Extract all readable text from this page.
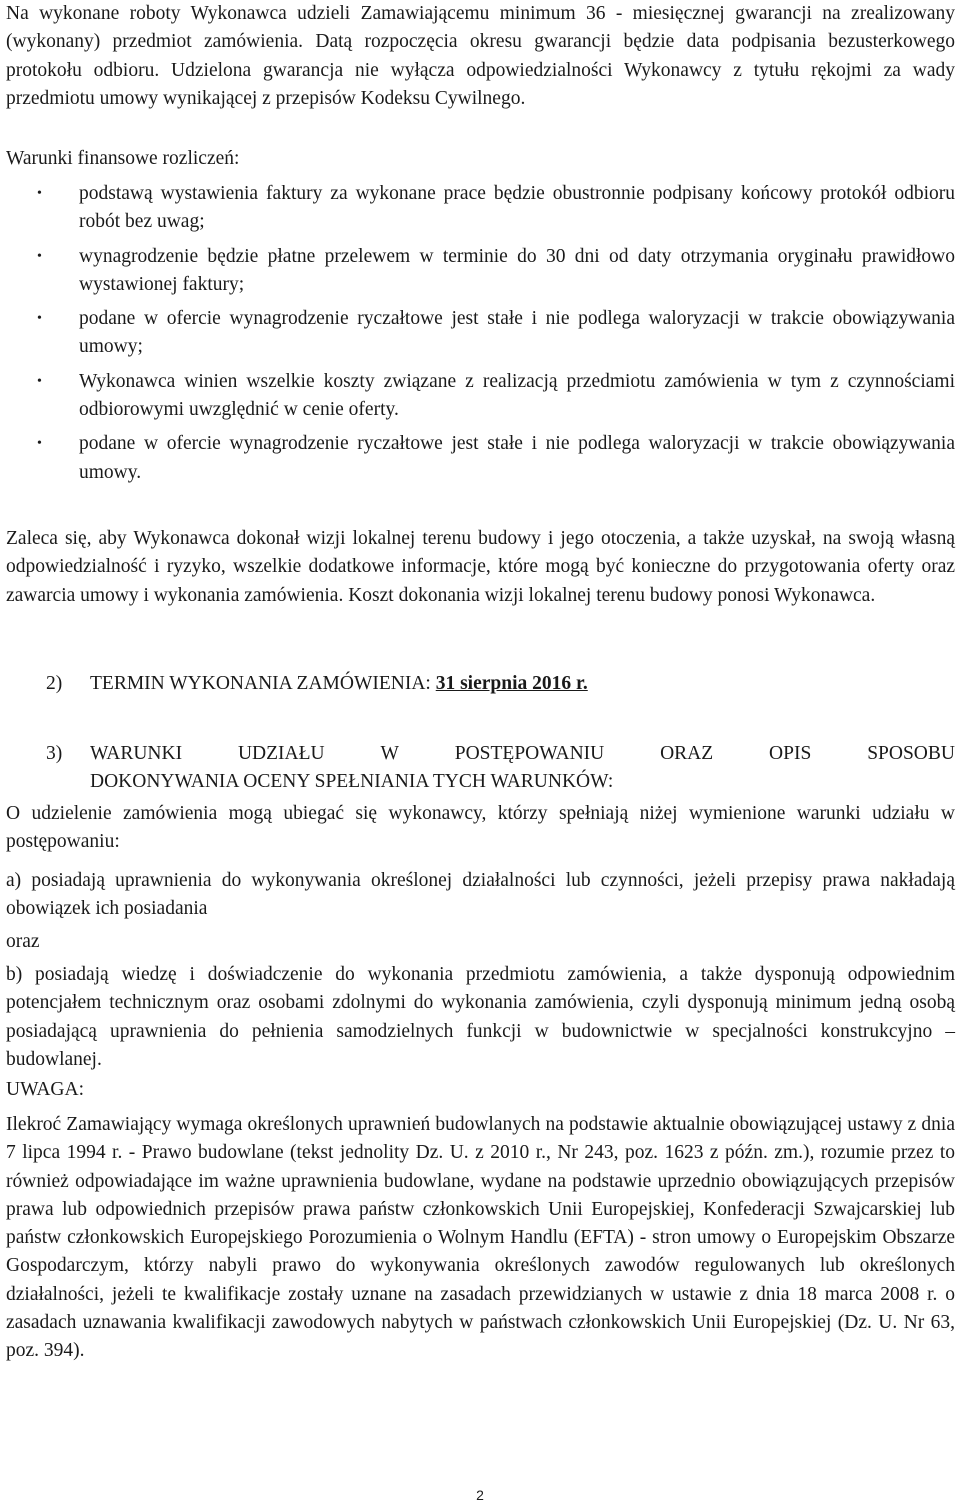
Na wykonane roboty Wykonawca udzieli Zamawiającemu minimum 36 - miesięcznej gwarancji na zrealizowany (wykonany) przedmiot zamówienia. Datą rozpoczęcia okresu gwarancji będzie data podpisania bezusterkowego protokołu odbioru. Udzielona gwarancja nie wyłącza odpowiedzialności Wykonawcy z tytułu rękojmi za wady przedmiotu umowy wynikającej z przepisów Kodeksu Cywilnego.

Warunki finansowe rozliczeń:

• podstawą wystawienia faktury za wykonane prace będzie obustronnie podpisany końcowy protokół odbioru robót bez uwag;
• wynagrodzenie będzie płatne przelewem w terminie do 30 dni od daty otrzymania oryginału prawidłowo wystawionej faktury;
• podane w ofercie wynagrodzenie ryczałtowe jest stałe i nie podlega waloryzacji w trakcie obowiązywania umowy;
• Wykonawca winien wszelkie koszty związane z realizacją przedmiotu zamówienia w tym z czynnościami odbiorowymi uwzględnić w cenie oferty.
• podane w ofercie wynagrodzenie ryczałtowe jest stałe i nie podlega waloryzacji w trakcie obowiązywania umowy.

Zaleca się, aby Wykonawca dokonał wizji lokalnej terenu budowy i jego otoczenia, a także uzyskał, na swoją własną odpowiedzialność i ryzyko, wszelkie dodatkowe informacje, które mogą być konieczne do przygotowania oferty oraz zawarcia umowy i wykonania zamówienia. Koszt dokonania wizji lokalnej terenu budowy ponosi Wykonawca.

2) TERMIN WYKONANIA ZAMÓWIENIA: 31 sierpnia 2016 r.
3) WARUNKI	UDZIAŁU	W	POSTĘPOWANIU	ORAZ	OPIS	SPOSOBU
DOKONYWANIA OCENY SPEŁNIANIA TYCH WARUNKÓW:

O udzielenie zamówienia mogą ubiegać się wykonawcy, którzy spełniają niżej wymienione warunki udziału w postępowaniu:

a) posiadają uprawnienia do wykonywania określonej działalności lub czynności, jeżeli przepisy prawa nakładają obowiązek ich posiadania

oraz

b) posiadają wiedzę i doświadczenie do wykonania przedmiotu zamówienia, a także dysponują odpowiednim potencjałem technicznym oraz osobami zdolnymi do wykonania zamówienia, czyli dysponują minimum jedną osobą posiadającą uprawnienia do pełnienia samodzielnych funkcji w budownictwie w specjalności konstrukcyjno – budowlanej.

UWAGA:

Ilekroć Zamawiający wymaga określonych uprawnień budowlanych na podstawie aktualnie obowiązującej ustawy z dnia 7 lipca 1994 r. - Prawo budowlane (tekst jednolity Dz. U. z 2010 r., Nr 243, poz. 1623 z późn. zm.), rozumie przez to również odpowiadające im ważne uprawnienia budowlane, wydane na podstawie uprzednio obowiązujących przepisów prawa lub odpowiednich przepisów prawa państw członkowskich Unii Europejskiej, Konfederacji Szwajcarskiej lub państw członkowskich Europejskiego Porozumienia o Wolnym Handlu (EFTA) - stron umowy o Europejskim Obszarze Gospodarczym, którzy nabyli prawo do wykonywania określonych zawodów regulowanych lub określonych działalności, jeżeli te kwalifikacje zostały uznane na zasadach przewidzianych w ustawie z dnia 18 marca 2008 r. o zasadach uznawania kwalifikacji zawodowych nabytych w państwach członkowskich Unii Europejskiej (Dz. U. Nr 63, poz. 394).

2
